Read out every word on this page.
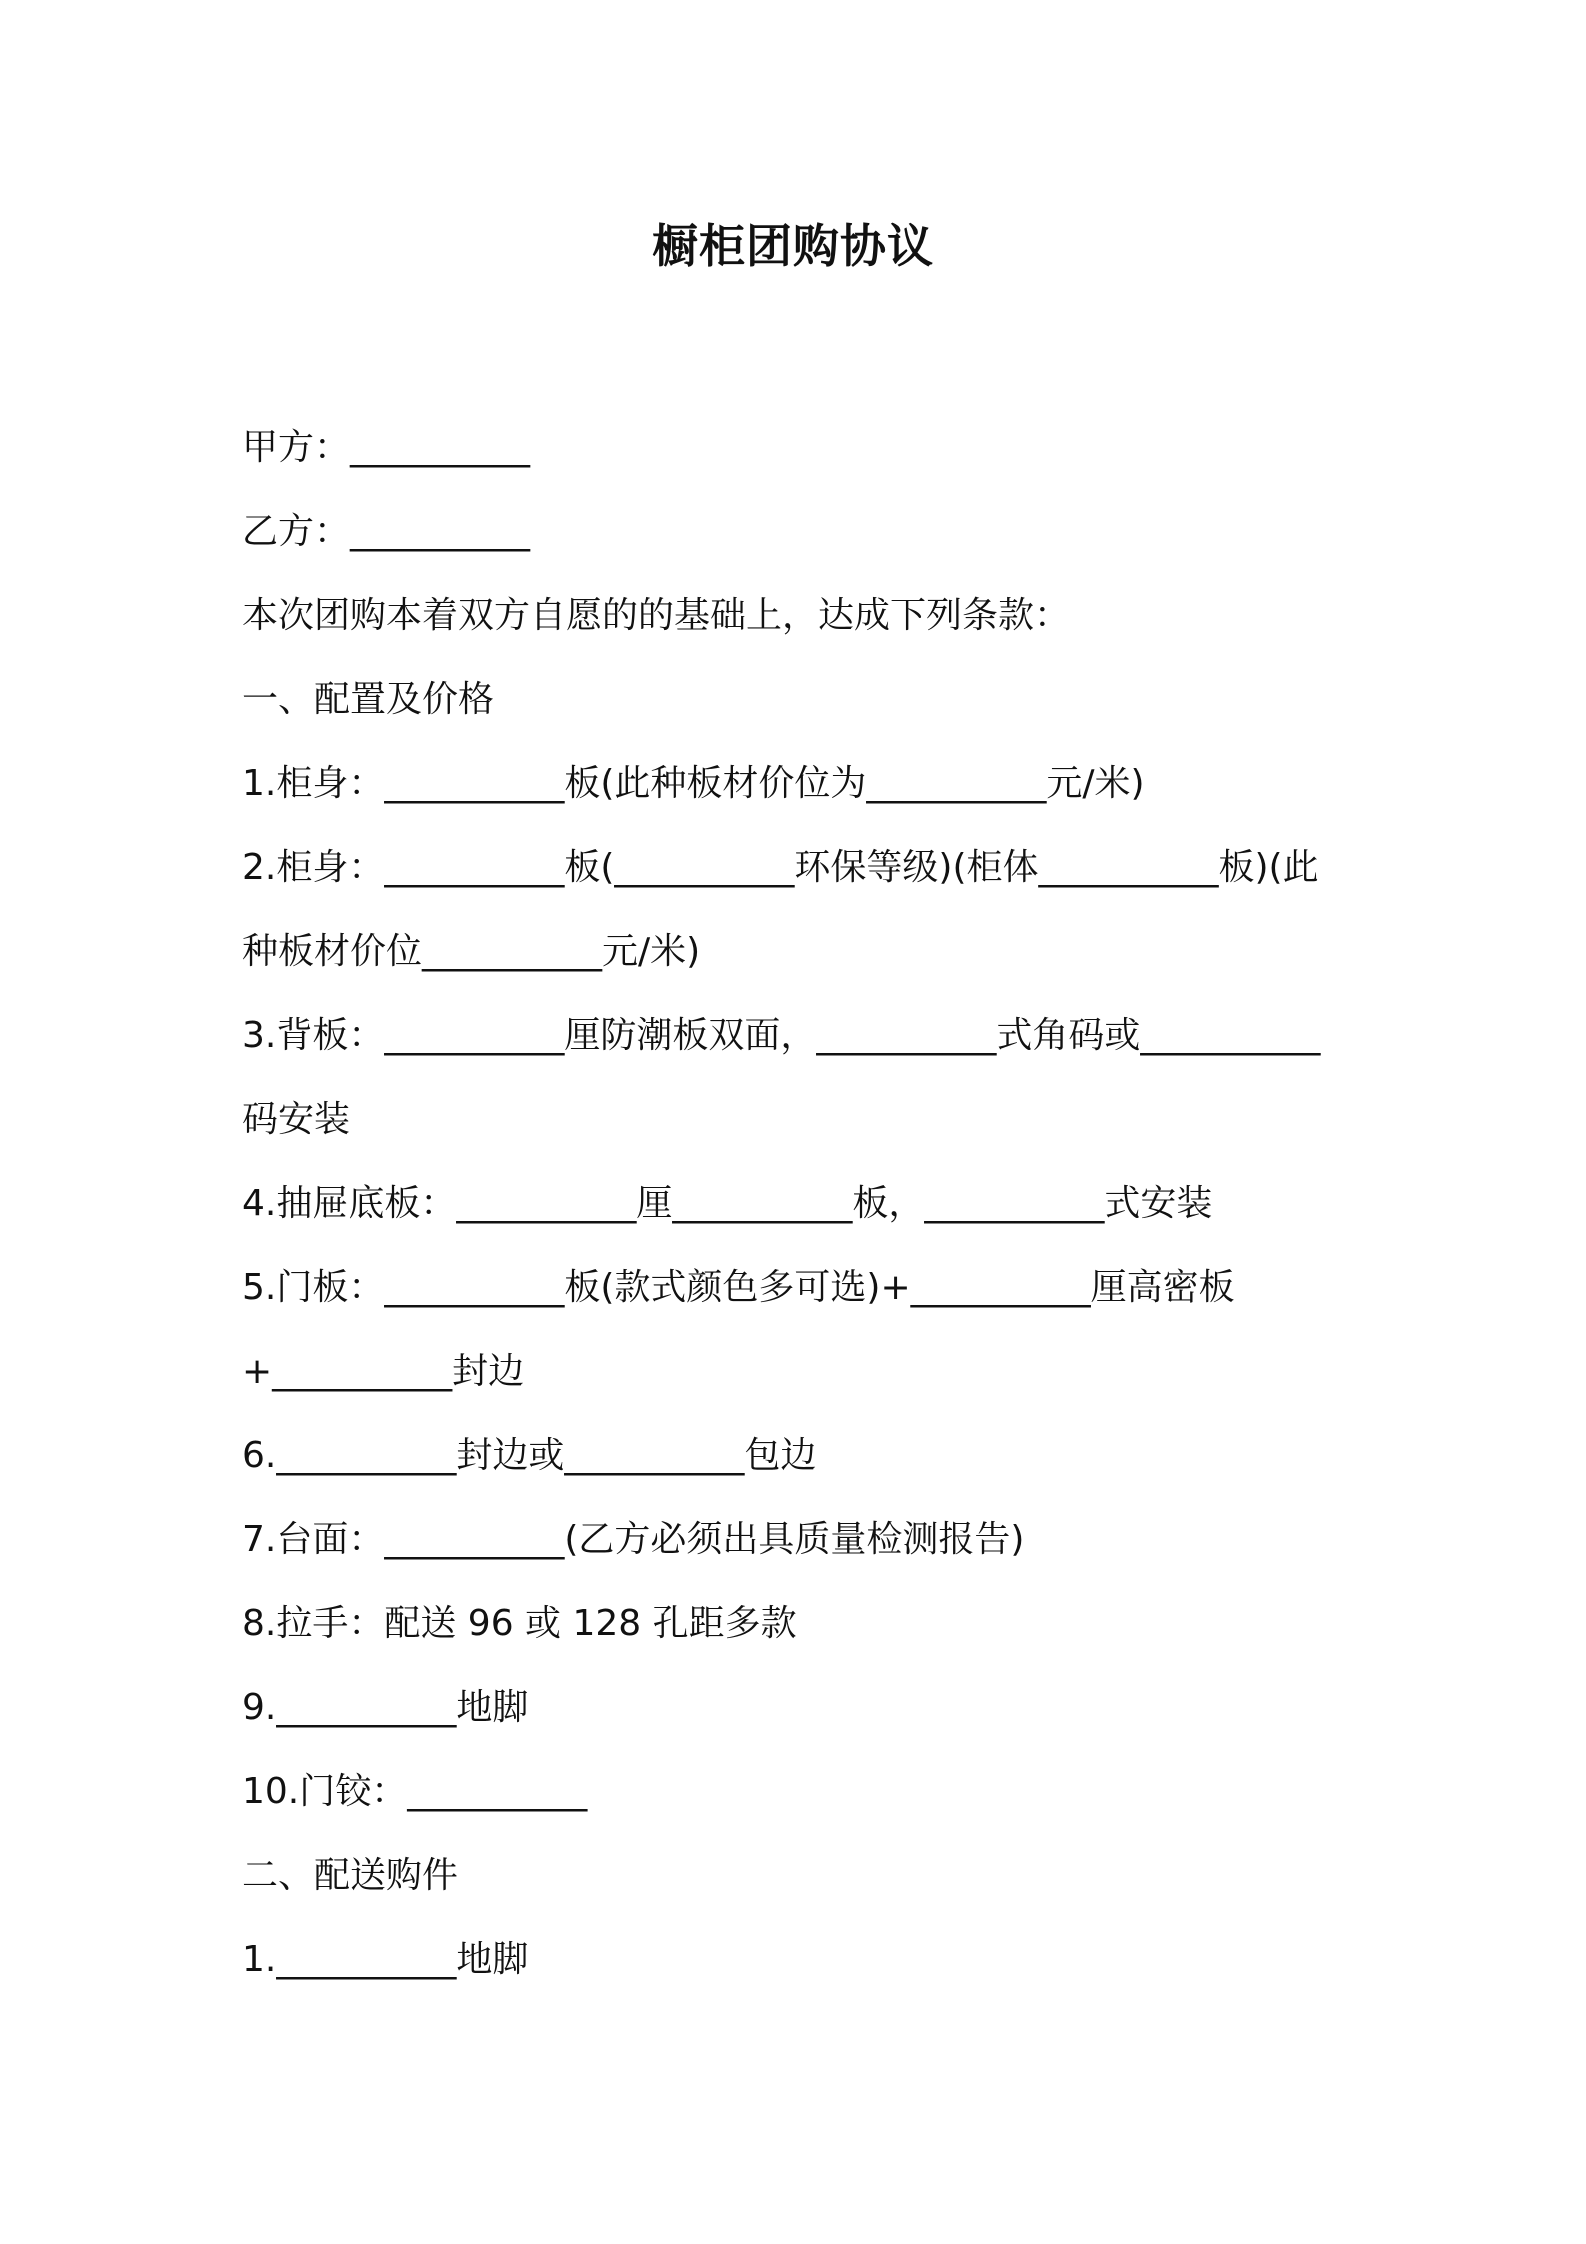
橱柜团购协议
甲方：__________
乙方：__________
本次团购本着双方自愿的的基础上，达成下列条款：
一、配置及价格
1.柜身：__________板(此种板材价位为__________元/米)
2.柜身：__________板(__________环保等级)(柜体__________板)(此
种板材价位__________元/米)
3.背板：__________厘防潮板双面，__________式角码或__________
码安装
4.抽屉底板：__________厘__________板，__________式安装
5.门板：__________板(款式颜色多可选)+__________厘高密板
+__________封边
6.__________封边或__________包边
7.台面：__________(乙方必须出具质量检测报告)
8.拉手：配送 96 或 128 孔距多款
9.__________地脚
10.门铰：__________
二、配送购件
1.__________地脚
